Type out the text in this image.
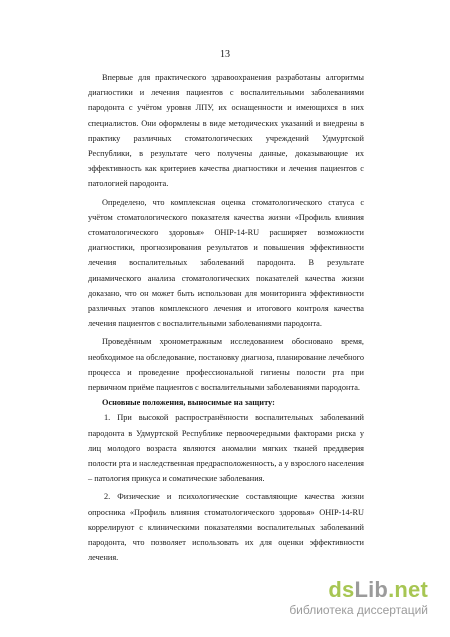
13

Впервые для практического здравоохранения разработаны алгоритмы диагностики и лечения пациентов с воспалительными заболеваниями пародонта с учётом уровня ЛПУ, их оснащенности и имеющихся в них специалистов. Они оформлены в виде методических указаний и внедрены в практику различных стоматологических учреждений Удмуртской Республики, в результате чего получены данные, доказывающие их эффективность как критериев качества диагностики и лечения пациентов с патологией пародонта.

Определено, что комплексная оценка стоматологического статуса с учётом стоматологического показателя качества жизни «Профиль влияния стоматологического здоровья» OHIP-14-RU расширяет возможности диагностики, прогнозирования результатов и повышения эффективности лечения воспалительных заболеваний пародонта. В результате динамического анализа стоматологических показателей качества жизни доказано, что он может быть использован для мониторинга эффективности различных этапов комплексного лечения и итогового контроля качества лечения пациентов с воспалительными заболеваниями пародонта.

Проведённым хронометражным исследованием обосновано время, необходимое на обследование, постановку диагноза, планирование лечебного процесса и проведение профессиональной гигиены полости рта при первичном приёме пациентов с воспалительными заболеваниями пародонта.

Основные положения, выносимые на защиту:

1. При высокой распространённости воспалительных заболеваний пародонта в Удмуртской Республике первоочередными факторами риска у лиц молодого возраста являются аномалии мягких тканей преддверия полости рта и наследственная предрасположенность, а у взрослого населения – патология прикуса и соматические заболевания.

2. Физические и психологические составляющие качества жизни опросника «Профиль влияния стоматологического здоровья» OHIP-14-RU коррелируют с клиническими показателями воспалительных заболеваний пародонта, что позволяет использовать их для оценки эффективности лечения.

dsLib.net
библиотека диссертаций
